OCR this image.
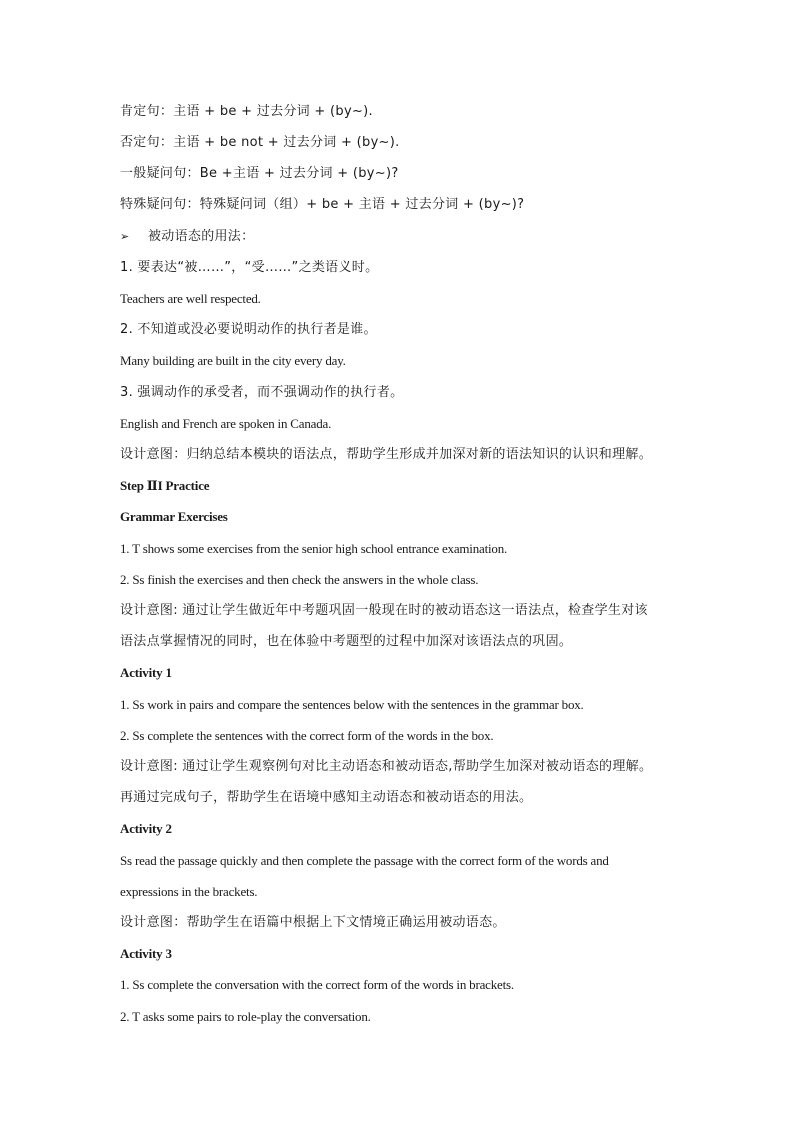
肯定句：主语 + be + 过去分词 + (by~).
否定句：主语 + be not + 过去分词 + (by~).
一般疑问句：Be +主语 + 过去分词 + (by~)?
特殊疑问句：特殊疑问词（组）+ be + 主语 + 过去分词 + (by~)?
➢ 被动语态的用法：
1. 要表达“被……”，“受……”之类语义时。
Teachers are well respected.
2. 不知道或没必要说明动作的执行者是谁。
Many building are built in the city every day.
3. 强调动作的承受者，而不强调动作的执行者。
English and French are spoken in Canada.
设计意图：归纳总结本模块的语法点，帮助学生形成并加深对新的语法知识的认识和理解。
Step ⅡI Practice
Grammar Exercises
1. T shows some exercises from the senior high school entrance examination.
2. Ss finish the exercises and then check the answers in the whole class.
设计意图: 通过让学生做近年中考题巩固一般现在时的被动语态这一语法点，检查学生对该
语法点掌握情况的同时，也在体验中考题型的过程中加深对该语法点的巩固。
Activity 1
1. Ss work in pairs and compare the sentences below with the sentences in the grammar box.
2. Ss complete the sentences with the correct form of the words in the box.
设计意图: 通过让学生观察例句对比主动语态和被动语态,帮助学生加深对被动语态的理解。
再通过完成句子，帮助学生在语境中感知主动语态和被动语态的用法。
Activity 2
Ss read the passage quickly and then complete the passage with the correct form of the words and
expressions in the brackets.
设计意图：帮助学生在语篇中根据上下文情境正确运用被动语态。
Activity 3
1. Ss complete the conversation with the correct form of the words in brackets.
2. T asks some pairs to role-play the conversation.
